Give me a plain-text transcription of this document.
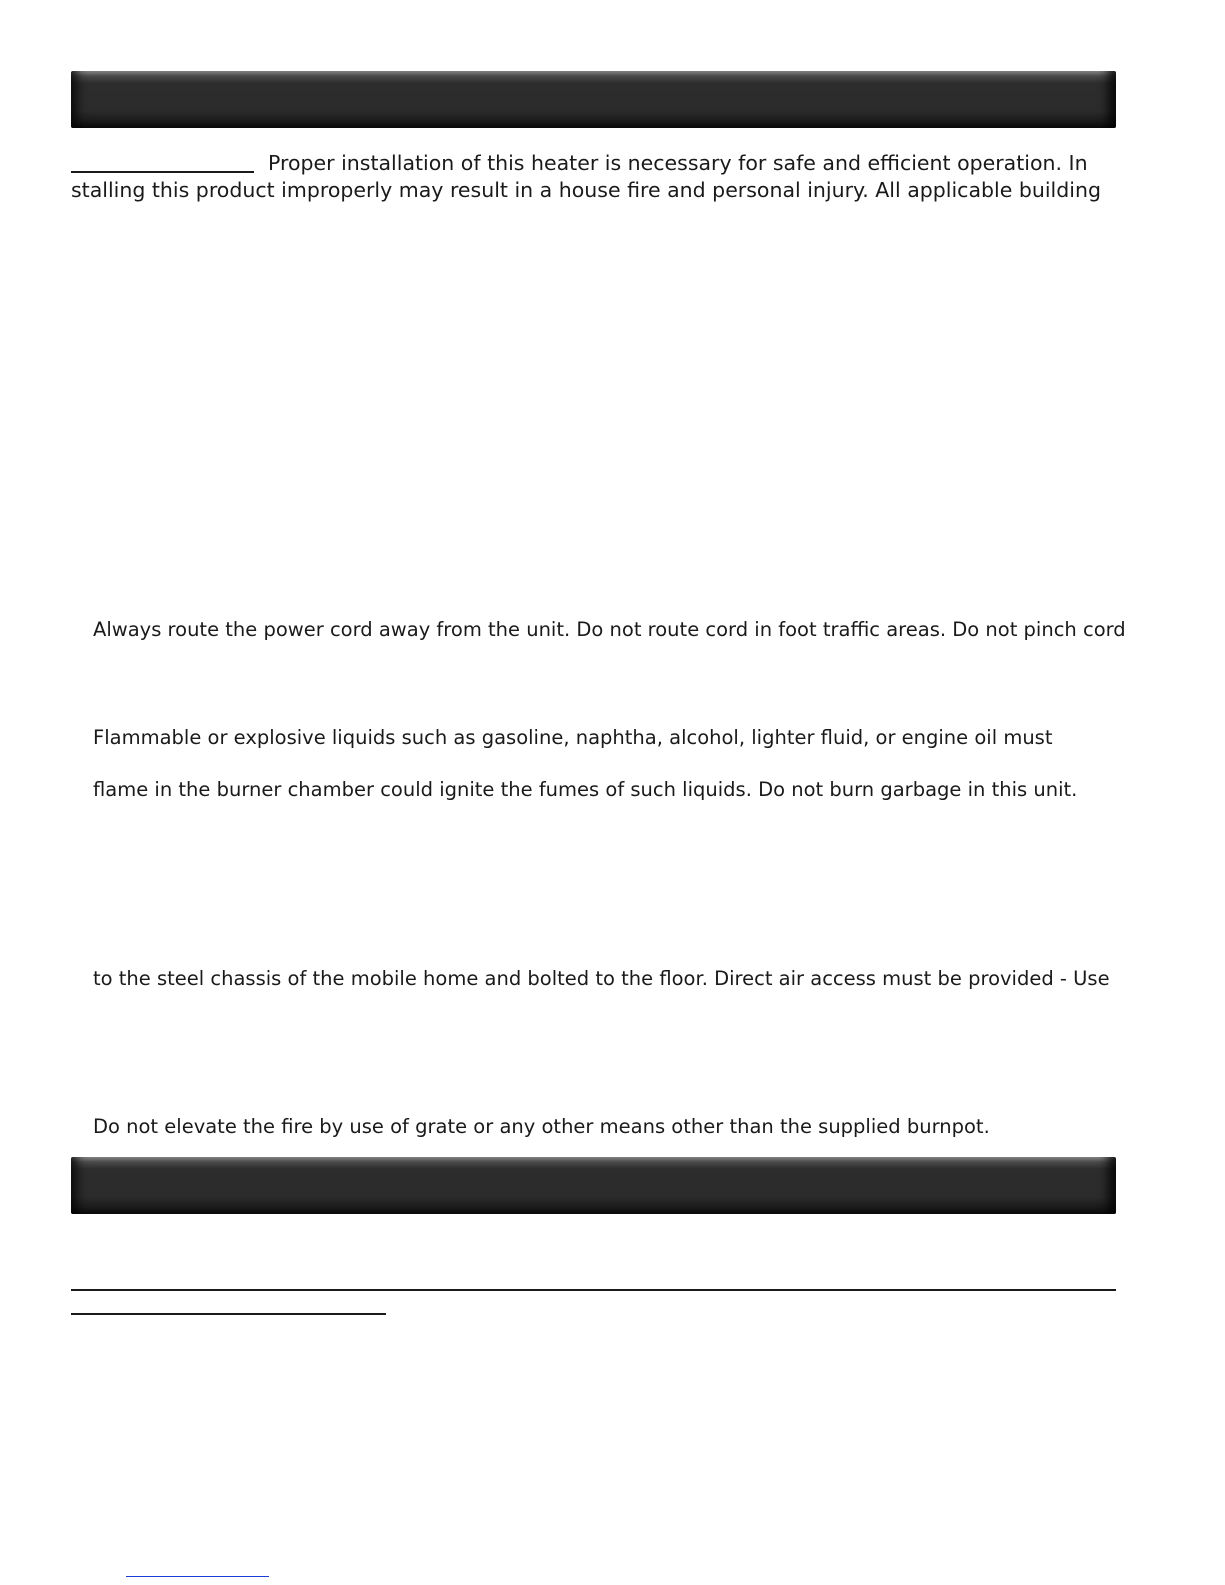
Proper installation of this heater is necessary for safe and efficient operation. In
stalling this product improperly may result in a house fire and personal injury. All applicable building
Always route the power cord away from the unit. Do not route cord in foot traffic areas. Do not pinch cord
Flammable or explosive liquids such as gasoline, naphtha, alcohol, lighter fluid, or engine oil must
flame in the burner chamber could ignite the fumes of such liquids. Do not burn garbage in this unit.
to the steel chassis of the mobile home and bolted to the floor. Direct air access must be provided - Use
Do not elevate the fire by use of grate or any other means other than the supplied burnpot.
